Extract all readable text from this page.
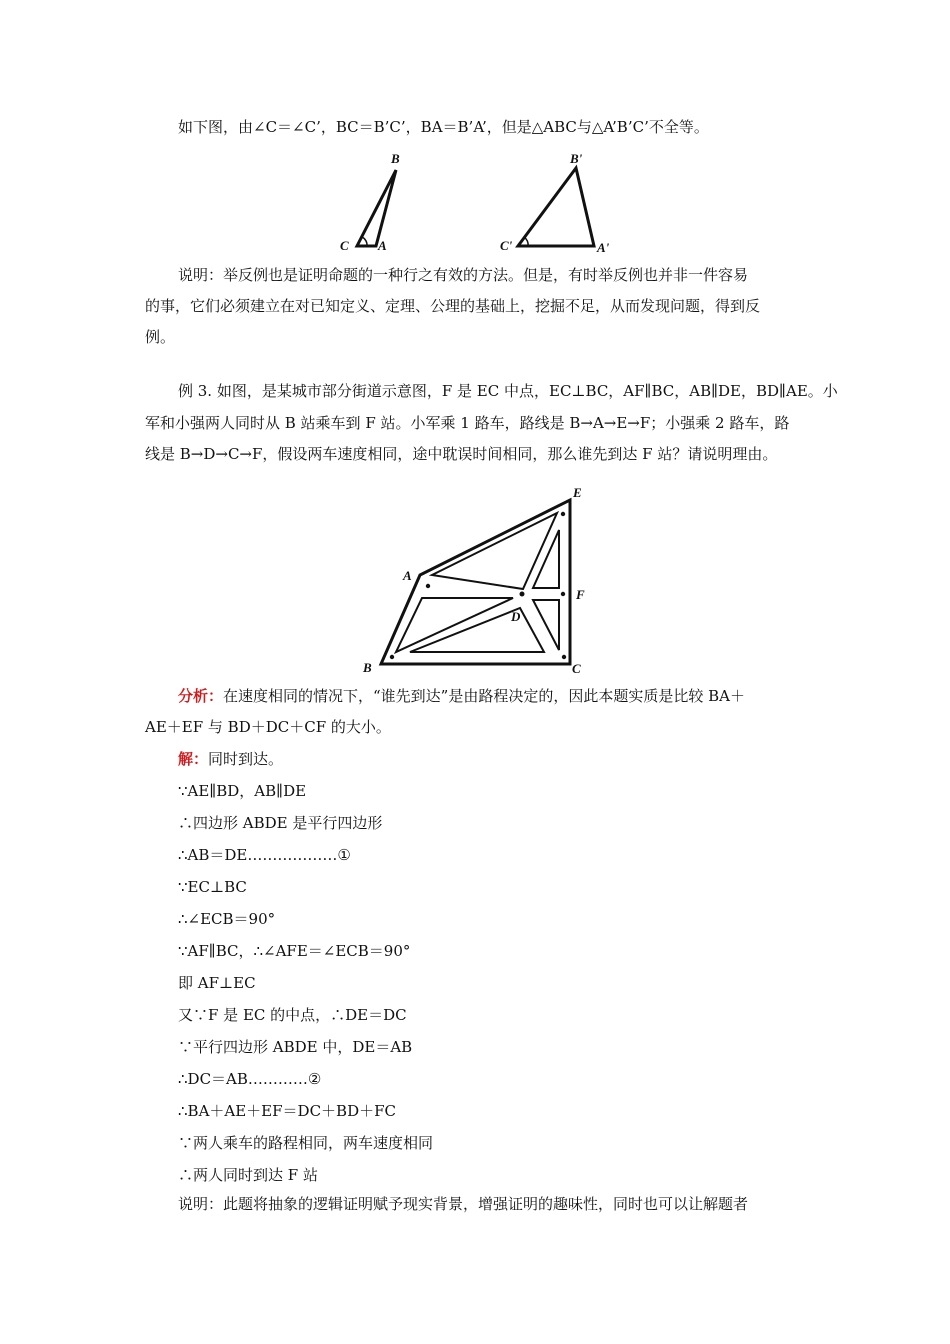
如下图，由∠C＝∠C’，BC＝B’C’，BA＝B’A’，但是△ABC与△A’B’C’不全等。
B
C A
B'
C'	A'
说明：举反例也是证明命题的一种行之有效的方法。但是，有时举反例也并非一件容易
的事，它们必须建立在对已知定义、定理、公理的基础上，挖掘不足，从而发现问题，得到反
例。
例 3. 如图，是某城市部分街道示意图，F 是 EC 中点，EC⊥BC，AF∥BC，AB∥DE，BD∥AE。小
军和小强两人同时从 B 站乘车到 F 站。小军乘 1 路车，路线是 B→A→E→F；小强乘 2 路车，路
线是 B→D→C→F，假设两车速度相同，途中耽误时间相同，那么谁先到达 F 站？请说明理由。
E
A
F
D
B	C
分析：在速度相同的情况下，“谁先到达”是由路程决定的，因此本题实质是比较 BA＋
AE＋EF 与 BD＋DC＋CF 的大小。
解：同时到达。
∵AE∥BD，AB∥DE
∴四边形 ABDE 是平行四边形
∴AB＝DE………………①
∵EC⊥BC
∴∠ECB＝90°
∵AF∥BC，∴∠AFE＝∠ECB＝90°
即 AF⊥EC
又∵F 是 EC 的中点，∴DE＝DC
∵平行四边形 ABDE 中，DE＝AB
∴DC＝AB…………②
∴BA＋AE＋EF＝DC＋BD＋FC
∵两人乘车的路程相同，两车速度相同
∴两人同时到达 F 站
说明：此题将抽象的逻辑证明赋予现实背景，增强证明的趣味性，同时也可以让解题者
